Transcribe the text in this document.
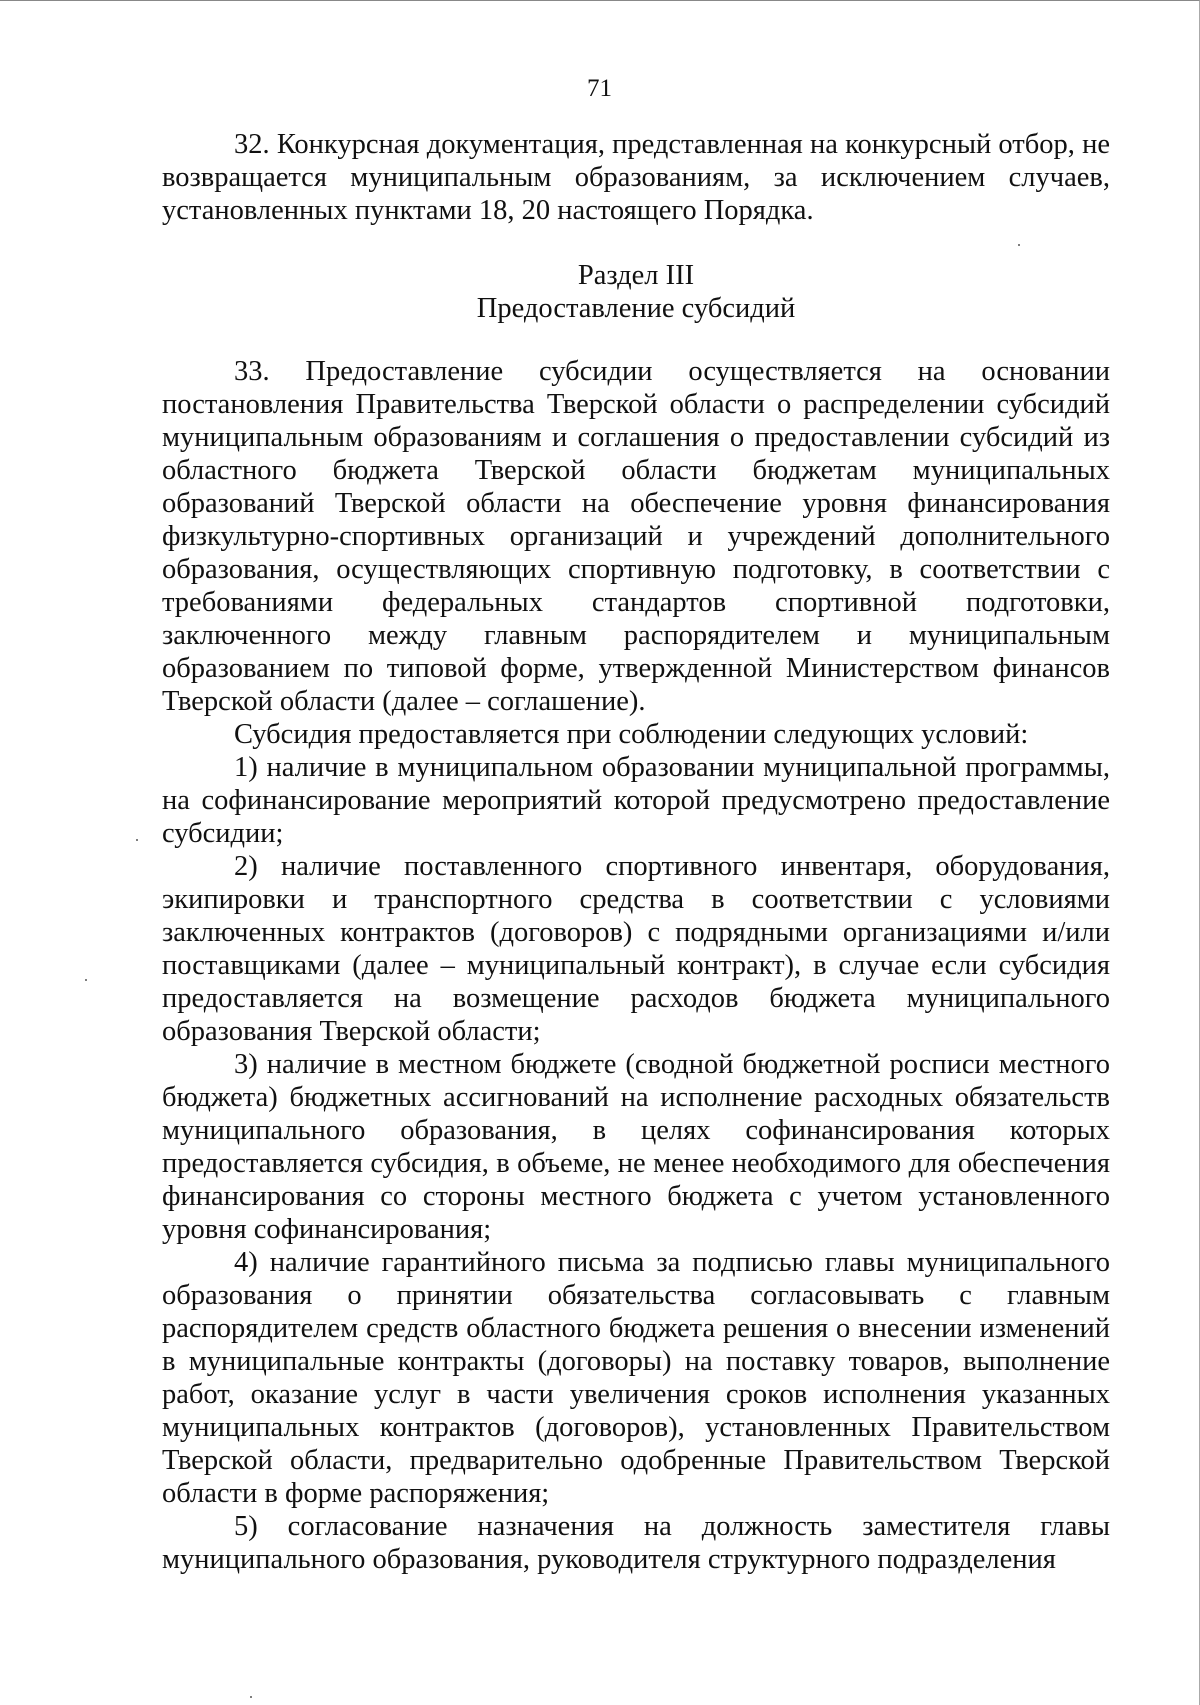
71

32. Конкурсная документация, представленная на конкурсный отбор, не возвращается муниципальным образованиям, за исключением случаев, установленных пунктами 18, 20 настоящего Порядка.

Раздел III

Предоставление субсидий

33. Предоставление субсидии осуществляется на основании постановления Правительства Тверской области о распределении субсидий муниципальным образованиям и соглашения о предоставлении субсидий из областного бюджета Тверской области бюджетам муниципальных образований Тверской области на обеспечение уровня финансирования физкультурно-спортивных организаций и учреждений дополнительного образования, осуществляющих спортивную подготовку, в соответствии с требованиями федеральных стандартов спортивной подготовки, заключенного между главным распорядителем и муниципальным образованием по типовой форме, утвержденной Министерством финансов Тверской области (далее – соглашение).

Субсидия предоставляется при соблюдении следующих условий:

1) наличие в муниципальном образовании муниципальной программы, на софинансирование мероприятий которой предусмотрено предоставление субсидии;

2) наличие поставленного спортивного инвентаря, оборудования, экипировки и транспортного средства в соответствии с условиями заключенных контрактов (договоров) с подрядными организациями и/или поставщиками (далее – муниципальный контракт), в случае если субсидия предоставляется на возмещение расходов бюджета муниципального образования Тверской области;

3) наличие в местном бюджете (сводной бюджетной росписи местного бюджета) бюджетных ассигнований на исполнение расходных обязательств муниципального образования, в целях софинансирования которых предоставляется субсидия, в объеме, не менее необходимого для обеспечения финансирования со стороны местного бюджета с учетом установленного уровня софинансирования;

4) наличие гарантийного письма за подписью главы муниципального образования о принятии обязательства согласовывать с главным распорядителем средств областного бюджета решения о внесении изменений в муниципальные контракты (договоры) на поставку товаров, выполнение работ, оказание услуг в части увеличения сроков исполнения указанных муниципальных контрактов (договоров), установленных Правительством Тверской области, предварительно одобренные Правительством Тверской области в форме распоряжения;

5) согласование назначения на должность заместителя главы муниципального образования, руководителя структурного подразделения
